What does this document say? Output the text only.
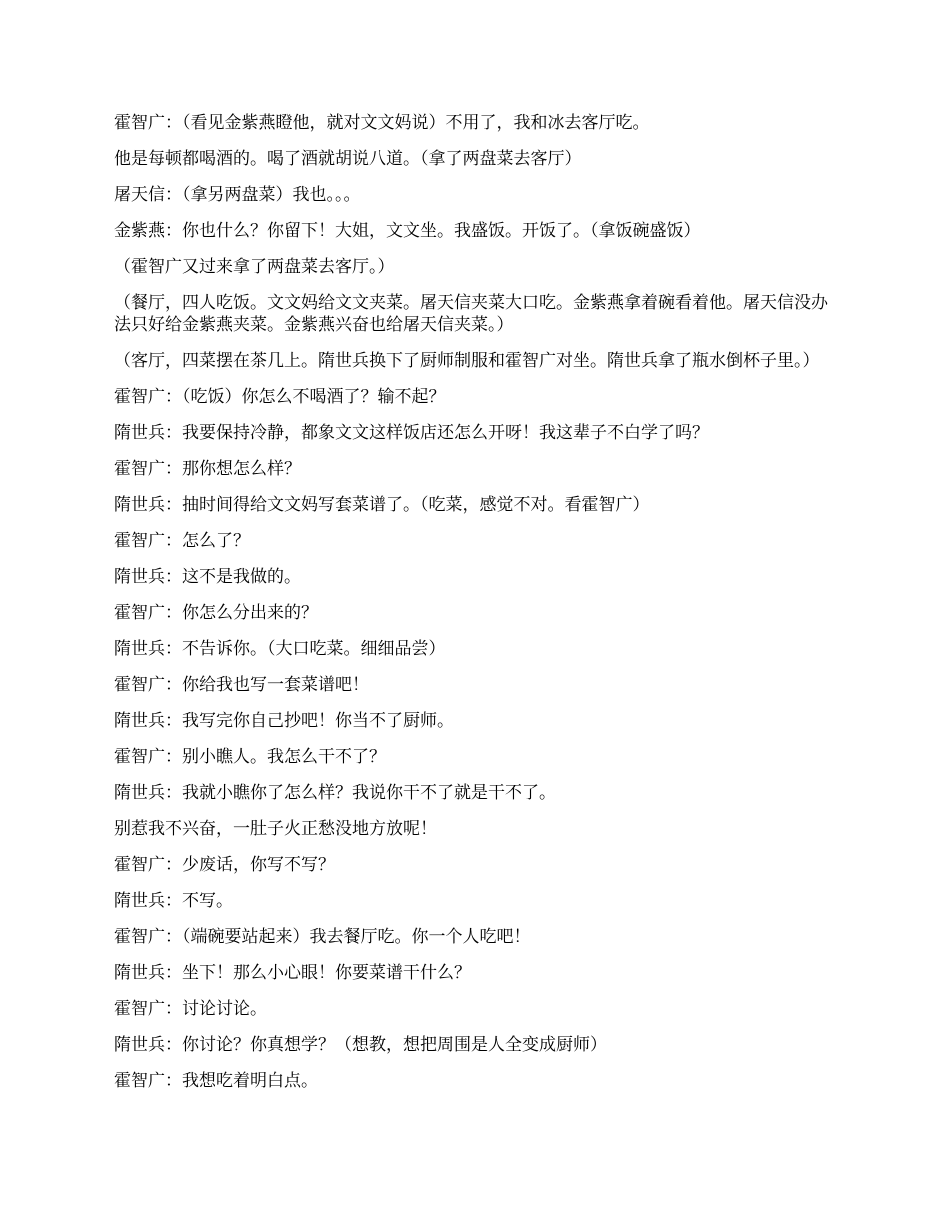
霍智广：（看见金紫燕瞪他，就对文文妈说）不用了，我和冰去客厅吃。

他是每顿都喝酒的。喝了酒就胡说八道。（拿了两盘菜去客厅）

屠天信：（拿另两盘菜）我也。。。

金紫燕：你也什么？你留下！大姐，文文坐。我盛饭。开饭了。（拿饭碗盛饭）

（霍智广又过来拿了两盘菜去客厅。）

（餐厅，四人吃饭。文文妈给文文夹菜。屠天信夹菜大口吃。金紫燕拿着碗看着他。屠天信没办法只好给金紫燕夹菜。金紫燕兴奋也给屠天信夹菜。）

（客厅，四菜摆在茶几上。隋世兵换下了厨师制服和霍智广对坐。隋世兵拿了瓶水倒杯子里。）

霍智广：（吃饭）你怎么不喝酒了？输不起？

隋世兵：我要保持冷静，都象文文这样饭店还怎么开呀！我这辈子不白学了吗？

霍智广：那你想怎么样？

隋世兵：抽时间得给文文妈写套菜谱了。（吃菜，感觉不对。看霍智广）

霍智广：怎么了？

隋世兵：这不是我做的。

霍智广：你怎么分出来的？

隋世兵：不告诉你。（大口吃菜。细细品尝）

霍智广：你给我也写一套菜谱吧！

隋世兵：我写完你自己抄吧！你当不了厨师。

霍智广：别小瞧人。我怎么干不了？

隋世兵：我就小瞧你了怎么样？我说你干不了就是干不了。

别惹我不兴奋，一肚子火正愁没地方放呢！

霍智广：少废话，你写不写？

隋世兵：不写。

霍智广：（端碗要站起来）我去餐厅吃。你一个人吃吧！

隋世兵：坐下！那么小心眼！你要菜谱干什么？

霍智广：讨论讨论。

隋世兵：你讨论？你真想学？（想教，想把周围是人全变成厨师）

霍智广：我想吃着明白点。
